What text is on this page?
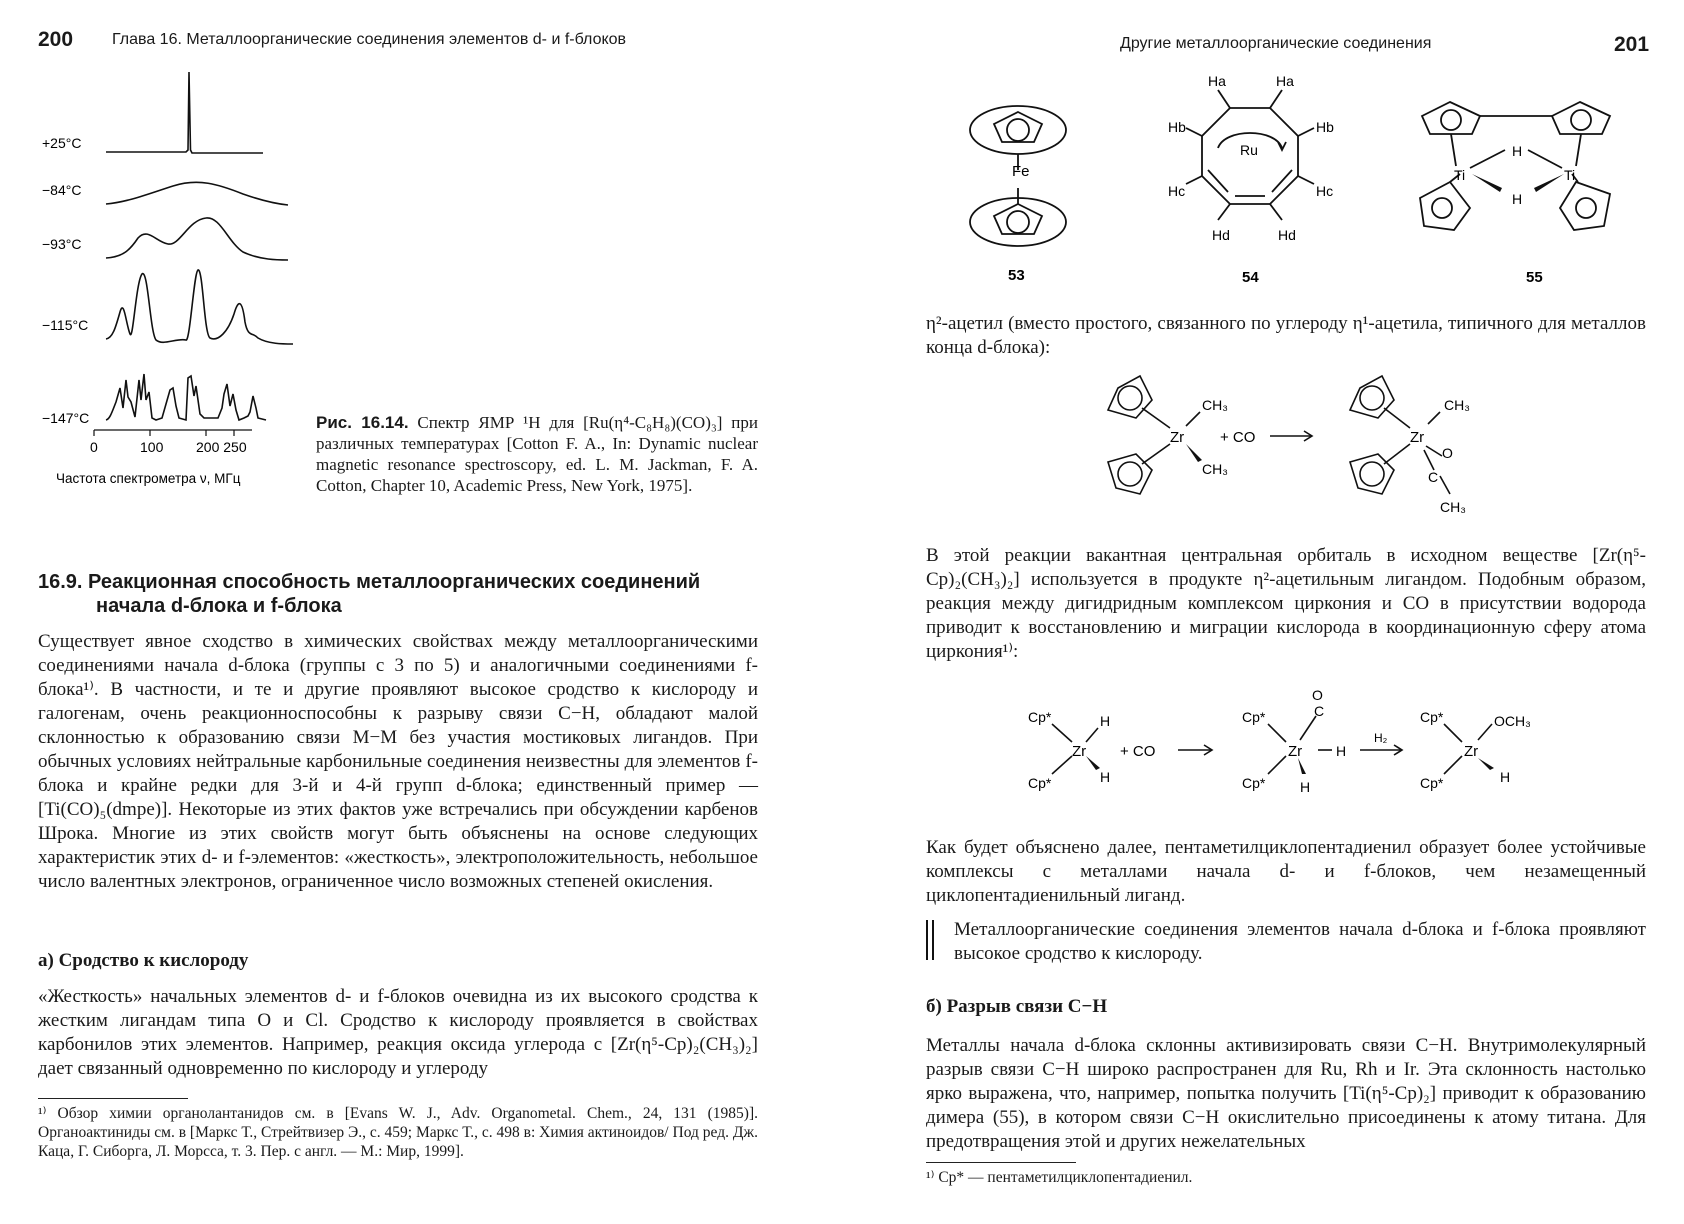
200 Глава 16. Металлоорганические соединения элементов d- и f-блоков
+25°C
−84°C
−93°C
−115°C
−147°C
0	100 200 250
Частота спектрометра ν, МГц
Рис. 16.14. Спектр ЯМР ¹H для [Ru(η⁴-C₈H₈)(CO)₃] при различных температурах [Cotton F. A., In: Dynamic nuclear magnetic resonance spectroscopy, ed. L. M. Jackman, F. A. Cotton, Chapter 10, Academic Press, New York, 1975].
16.9. Реакционная способность металлоорганических соединений
начала d-блока и f-блока

Существует явное сходство в химических свойствах между металлоорганическими соединениями начала d-блока (группы с 3 по 5) и аналогичными соединениями f-блока¹⁾. В частности, и те и другие проявляют высокое сродство к кислороду и галогенам, очень реакционноспособны к разрыву связи C−H, обладают малой склонностью к образованию связи M−M без участия мостиковых лигандов. При обычных условиях нейтральные карбонильные соединения неизвестны для элементов f-блока и крайне редки для 3-й и 4-й групп d-блока; единственный пример — [Ti(CO)₅(dmpe)]. Некоторые из этих фактов уже встречались при обсуждении карбенов Шрока. Многие из этих свойств могут быть объяснены на основе следующих характеристик этих d- и f-элементов: «жесткость», электроположительность, небольшое число валентных электронов, ограниченное число возможных степеней окисления.

а) Сродство к кислороду

«Жесткость» начальных элементов d- и f-блоков очевидна из их высокого сродства к жестким лигандам типа O и Cl. Сродство к кислороду проявляется в свойствах карбонилов этих элементов. Например, реакция оксида углерода с [Zr(η⁵-Cp)₂(CH₃)₂] дает связанный одновременно по кислороду и углероду

¹⁾ Обзор химии органолантанидов см. в [Evans W. J., Adv. Organometal. Chem., 24, 131 (1985)]. Органоактиниды см. в [Маркс Т., Стрейтвизер Э., с. 459; Маркс Т., с. 498 в: Химия актиноидов/ Под ред. Дж. Каца, Г. Сиборга, Л. Морсса, т. 3. Пер. с англ. — М.: Мир, 1999].
Другие металлоорганические соединения	201
Fe
53
Ru
Ha	Ha
Hb	Hb
Hc	Hc
Hd	Hd
54
Ti	Ti
H
H
55
η²-ацетил (вместо простого, связанного по углероду η¹-ацетила, типичного для металлов конца d-блока):
Zr
CH₃
CH₃
+ CO	Zr
CH₃
O
C
CH₃
В этой реакции вакантная центральная орбиталь в исходном веществе [Zr(η⁵-Cp)₂(CH₃)₂] используется в продукте η²-ацетильным лигандом. Подобным образом, реакция между дигидридным комплексом циркония и CO в присутствии водорода приводит к восстановлению и миграции кислорода в координационную сферу атома циркония¹⁾:
Cp*
Cp*
Zr
H
H
+ CO
Cp*
Cp*
O
C
Zr H
H
H₂
Cp*
Cp*
Zr
OCH₃
H
Как будет объяснено далее, пентаметилциклопентадиенил образует более устойчивые комплексы с металлами начала d- и f-блоков, чем незамещенный циклопентадиенильный лиганд.
Металлоорганические соединения элементов начала d-блока и f-блока проявляют высокое сродство к кислороду.
б) Разрыв связи C−H
Металлы начала d-блока склонны активизировать связи C−H. Внутримолекулярный разрыв связи C−H широко распространен для Ru, Rh и Ir. Эта склонность настолько ярко выражена, что, например, попытка получить [Ti(η⁵-Cp)₂] приводит к образованию димера (55), в котором связи C−H окислительно присоединены к атому титана. Для предотвращения этой и других нежелательных
¹⁾ Cp* — пентаметилциклопентадиенил.
